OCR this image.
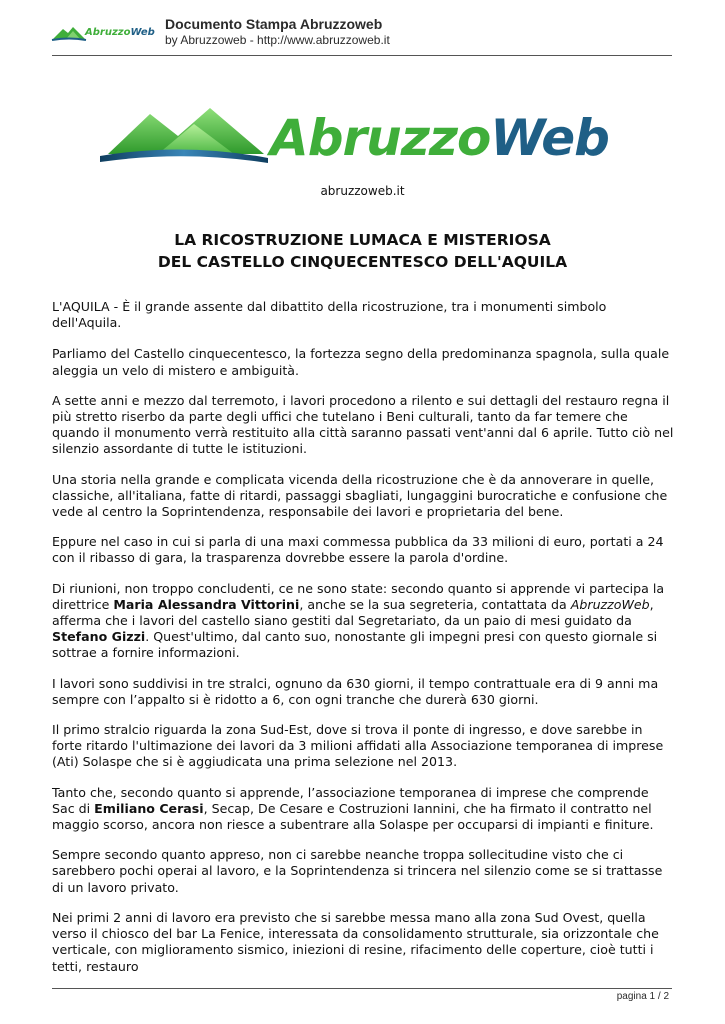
AbruzzoWeb
Documento Stampa Abruzzoweb
by Abruzzoweb - http://www.abruzzoweb.it
AbruzzoWeb
abruzzoweb.it
LA RICOSTRUZIONE LUMACA E MISTERIOSA
DEL CASTELLO CINQUECENTESCO DELL'AQUILA

L'AQUILA - È il grande assente dal dibattito della ricostruzione, tra i monumenti simbolo dell'Aquila.

Parliamo del Castello cinquecentesco, la fortezza segno della predominanza spagnola, sulla quale aleggia un velo di mistero e ambiguità.

A sette anni e mezzo dal terremoto, i lavori procedono a rilento e sui dettagli del restauro regna il più stretto riserbo da parte degli uffici che tutelano i Beni culturali, tanto da far temere che quando il monumento verrà restituito alla città saranno passati vent'anni dal 6 aprile. Tutto ciò nel silenzio assordante di tutte le istituzioni.

Una storia nella grande e complicata vicenda della ricostruzione che è da annoverare in quelle, classiche, all'italiana, fatte di ritardi, passaggi sbagliati, lungaggini burocratiche e confusione che vede al centro la Soprintendenza, responsabile dei lavori e proprietaria del bene.

Eppure nel caso in cui si parla di una maxi commessa pubblica da 33 milioni di euro, portati a 24 con il ribasso di gara, la trasparenza dovrebbe essere la parola d'ordine.

Di riunioni, non troppo concludenti, ce ne sono state: secondo quanto si apprende vi partecipa la direttrice Maria Alessandra Vittorini, anche se la sua segreteria, contattata da AbruzzoWeb, afferma che i lavori del castello siano gestiti dal Segretariato, da un paio di mesi guidato da Stefano Gizzi. Quest'ultimo, dal canto suo, nonostante gli impegni presi con questo giornale si sottrae a fornire informazioni.

I lavori sono suddivisi in tre stralci, ognuno da 630 giorni, il tempo contrattuale era di 9 anni ma sempre con l’appalto si è ridotto a 6, con ogni tranche che durerà 630 giorni.

Il primo stralcio riguarda la zona Sud-Est, dove si trova il ponte di ingresso, e dove sarebbe in forte ritardo l'ultimazione dei lavori da 3 milioni affidati alla Associazione temporanea di imprese (Ati) Solaspe che si è aggiudicata una prima selezione nel 2013.

Tanto che, secondo quanto si apprende, l’associazione temporanea di imprese che comprende Sac di Emiliano Cerasi, Secap, De Cesare e Costruzioni Iannini, che ha firmato il contratto nel maggio scorso, ancora non riesce a subentrare alla Solaspe per occuparsi di impianti e finiture.

Sempre secondo quanto appreso, non ci sarebbe neanche troppa sollecitudine visto che ci sarebbero pochi operai al lavoro, e la Soprintendenza si trincera nel silenzio come se si trattasse di un lavoro privato.

Nei primi 2 anni di lavoro era previsto che si sarebbe messa mano alla zona Sud Ovest, quella verso il chiosco del bar La Fenice, interessata da consolidamento strutturale, sia orizzontale che verticale, con miglioramento sismico, iniezioni di resine, rifacimento delle coperture, cioè tutti i tetti, restauro

pagina 1 / 2
